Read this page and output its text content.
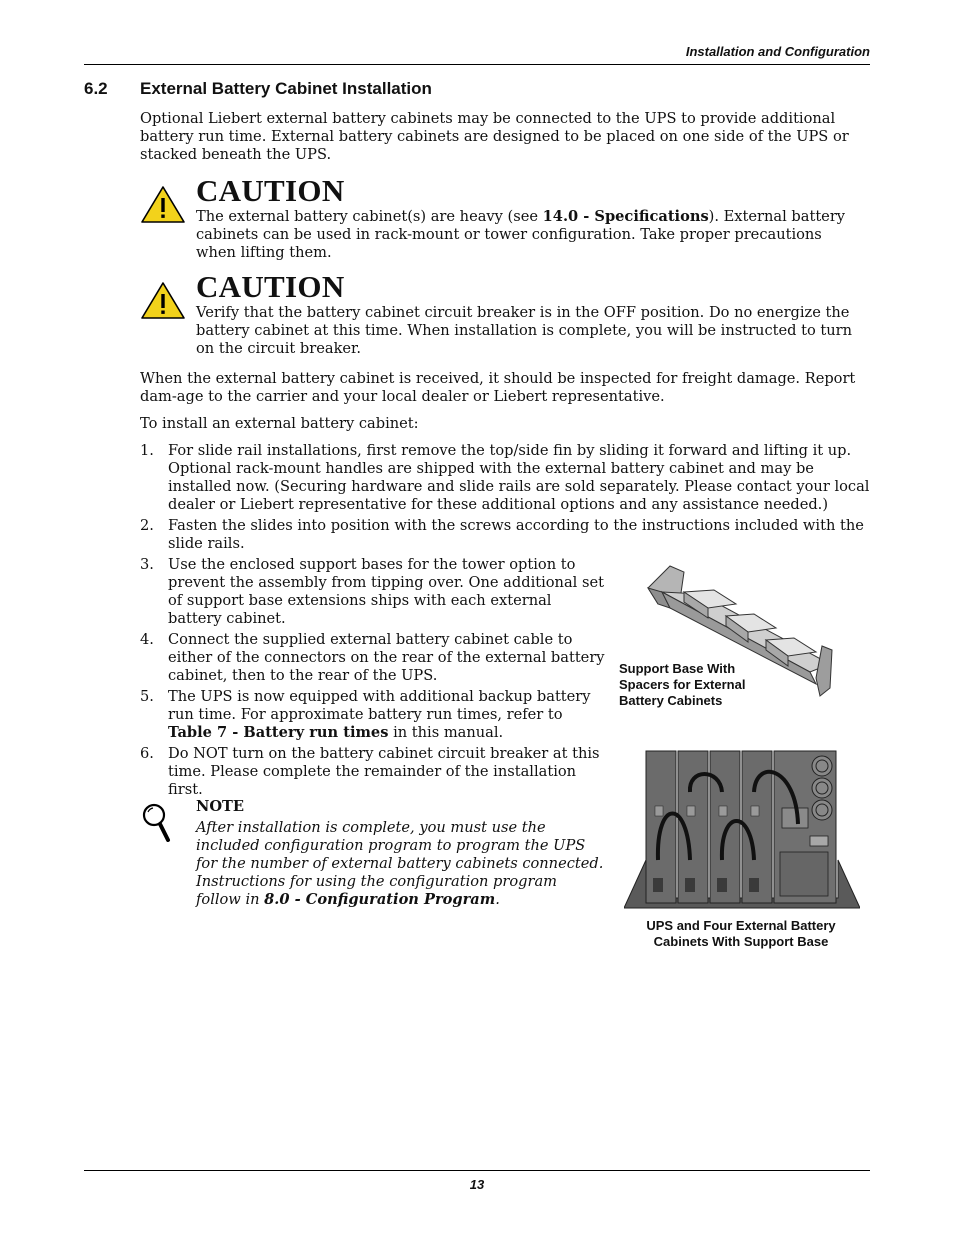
Installation and Configuration
6.2 External Battery Cabinet Installation

Optional Liebert external battery cabinets may be connected to the UPS to provide additional battery run time. External battery cabinets are designed to be placed on one side of the UPS or stacked beneath the UPS.

CAUTION

The external battery cabinet(s) are heavy (see 14.0 - Specifications). External battery cabinets can be used in rack-mount or tower configuration. Take proper precautions when lifting them.

CAUTION

Verify that the battery cabinet circuit breaker is in the OFF position. Do no energize the battery cabinet at this time. When installation is complete, you will be instructed to turn on the circuit breaker.

When the external battery cabinet is received, it should be inspected for freight damage. Report dam-age to the carrier and your local dealer or Liebert representative.

To install an external battery cabinet:

1. For slide rail installations, first remove the top/side fin by sliding it forward and lifting it up. Optional rack-mount handles are shipped with the external battery cabinet and may be installed now. (Securing hardware and slide rails are sold separately. Please contact your local dealer or Liebert representative for these additional options and any assistance needed.)
2. Fasten the slides into position with the screws according to the instructions included with the slide rails.
3. Use the enclosed support bases for the tower option to prevent the assembly from tipping over. One additional set of support base extensions ships with each external battery cabinet.
4. Connect the supplied external battery cabinet cable to either of the connectors on the rear of the external battery cabinet, then to the rear of the UPS.
5. The UPS is now equipped with additional backup battery run time. For approximate battery run times, refer to Table 7 - Battery run times in this manual.
6. Do NOT turn on the battery cabinet circuit breaker at this time. Please complete the remainder of the installation first.
NOTE

After installation is complete, you must use the included configuration program to program the UPS for the number of external battery cabinets connected. Instructions for using the configuration program follow in 8.0 - Configuration Program.

Support Base With Spacers for External Battery Cabinets
UPS and Four External Battery Cabinets With Support Base
13
